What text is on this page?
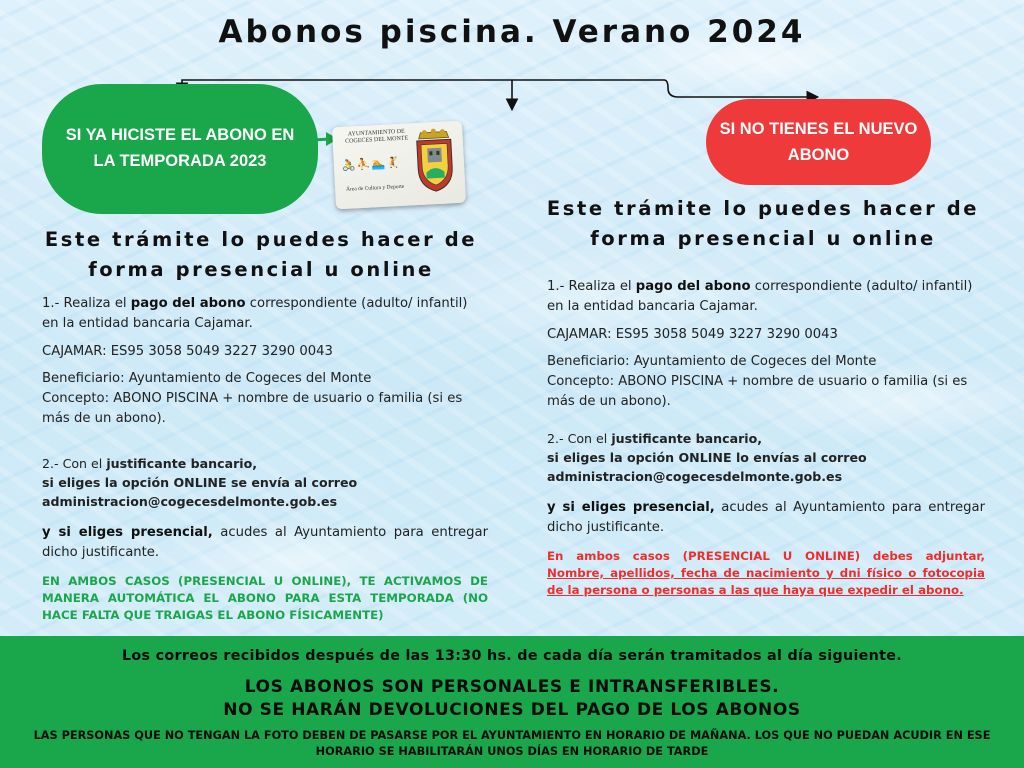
Abonos piscina. Verano 2024
SI YA HICISTE EL ABONO EN LA TEMPORADA 2023
AYUNTAMIENTO DE COGECES DEL MONTE
🚴⛹🏊🤾
Área de Cultura y Deporte
SI NO TIENES EL NUEVO ABONO
Este trámite lo puedes hacer de forma presencial u online
Este trámite lo puedes hacer de forma presencial u online

1.- Realiza el pago del abono correspondiente (adulto/ infantil) en la entidad bancaria Cajamar.

CAJAMAR: ES95 3058 5049 3227 3290 0043

Beneficiario: Ayuntamiento de Cogeces del Monte

Concepto: ABONO PISCINA + nombre de usuario o familia (si es más de un abono).

2.- Con el justificante bancario,

si eliges la opción ONLINE se envía al correo

administracion@cogecesdelmonte.gob.es

y si eliges presencial, acudes al Ayuntamiento para entregar dicho justificante.

EN AMBOS CASOS (PRESENCIAL U ONLINE), TE ACTIVAMOS DE MANERA AUTOMÁTICA EL ABONO PARA ESTA TEMPORADA (NO HACE FALTA QUE TRAIGAS EL ABONO FÍSICAMENTE)

1.- Realiza el pago del abono correspondiente (adulto/ infantil) en la entidad bancaria Cajamar.

CAJAMAR: ES95 3058 5049 3227 3290 0043

Beneficiario: Ayuntamiento de Cogeces del Monte

Concepto: ABONO PISCINA + nombre de usuario o familia (si es más de un abono).

2.- Con el justificante bancario,

si eliges la opción ONLINE lo envías al correo

administracion@cogecesdelmonte.gob.es

y si eliges presencial, acudes al Ayuntamiento para entregar dicho justificante.

En ambos casos (PRESENCIAL U ONLINE) debes adjuntar, Nombre, apellidos, fecha de nacimiento y dni físico o fotocopia de la persona o personas a las que haya que expedir el abono.

Los correos recibidos después de las 13:30 hs. de cada día serán tramitados al día siguiente.
LOS ABONOS SON PERSONALES E INTRANSFERIBLES.
NO SE HARÁN DEVOLUCIONES DEL PAGO DE LOS ABONOS
LAS PERSONAS QUE NO TENGAN LA FOTO DEBEN DE PASARSE POR EL AYUNTAMIENTO EN HORARIO DE MAÑANA. LOS QUE NO PUEDAN ACUDIR EN ESE HORARIO SE HABILITARÁN UNOS DÍAS EN HORARIO DE TARDE
